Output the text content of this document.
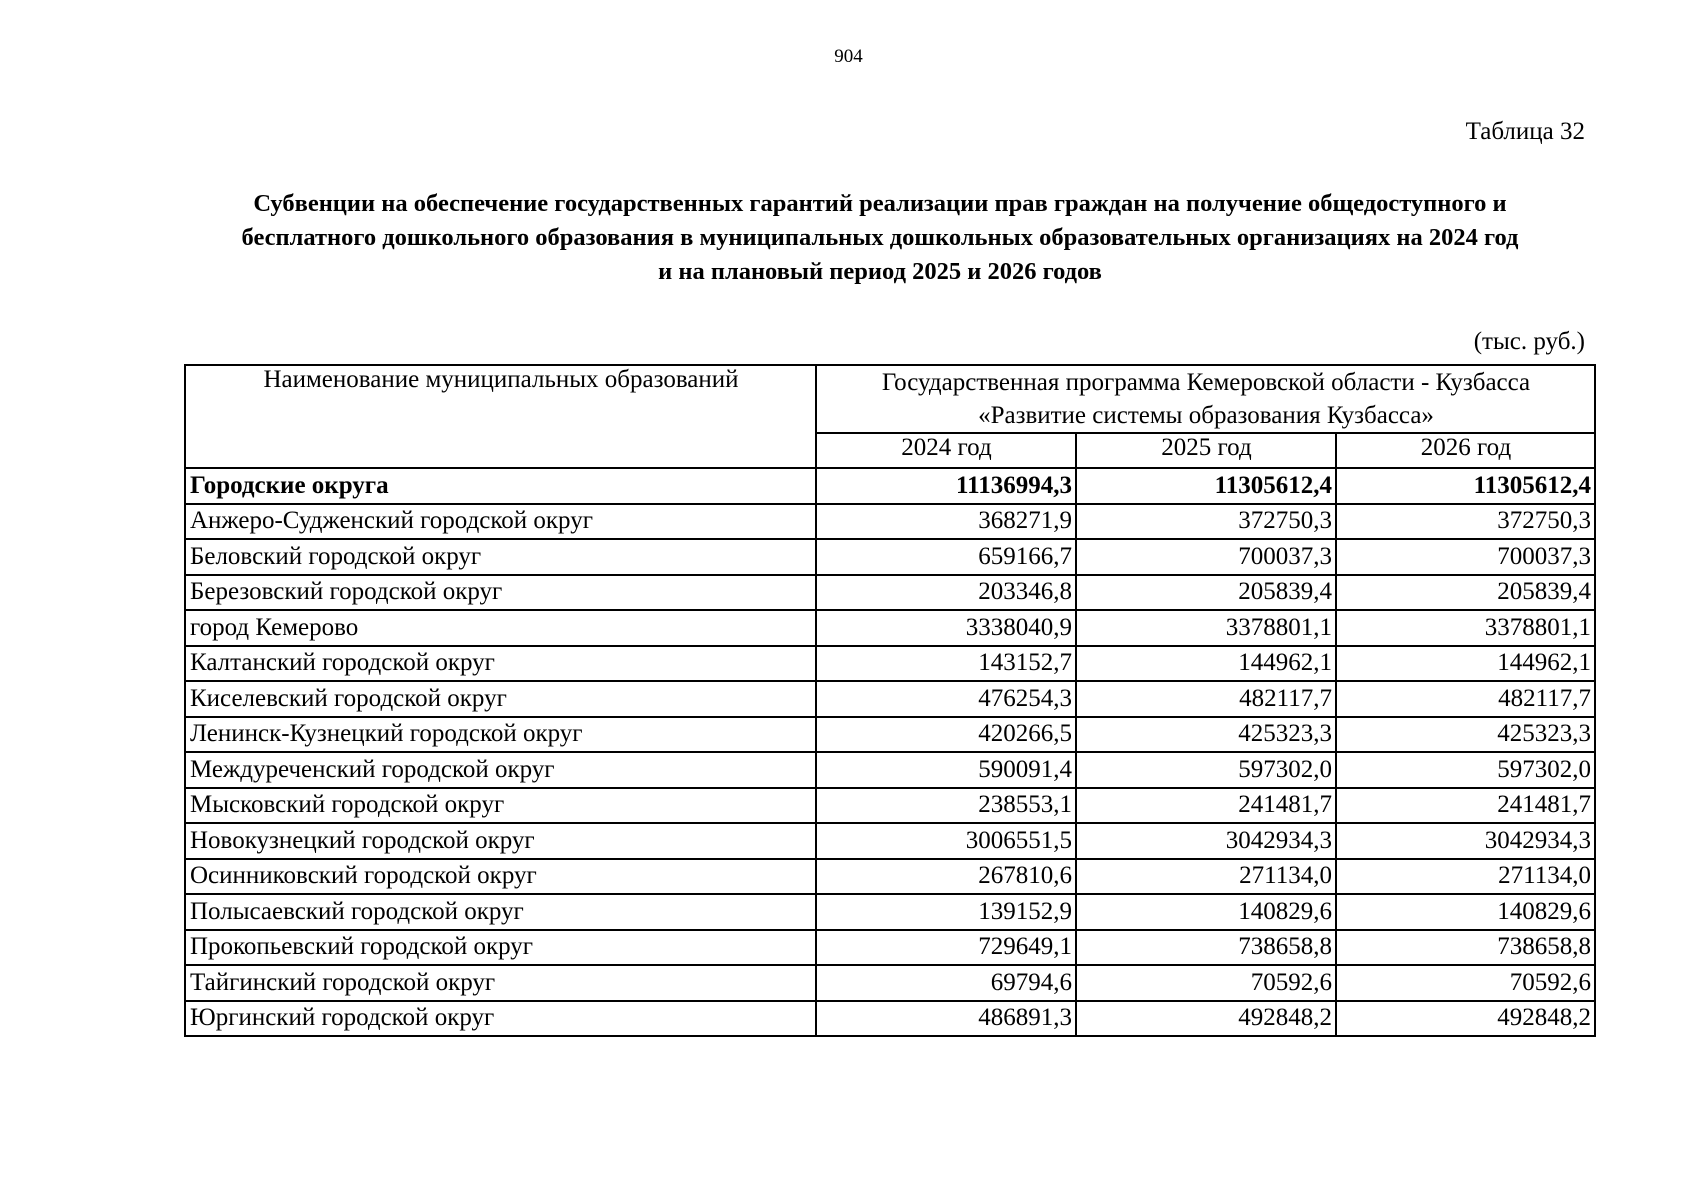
904
Таблица 32
Субвенции на обеспечение государственных гарантий реализации прав граждан на получение общедоступного и
бесплатного дошкольного образования в муниципальных дошкольных образовательных организациях на 2024 год
и на плановый период 2025 и 2026 годов
(тыс. руб.)
Наименование муниципальных образований	Государственная программа Кемеровской области - Кузбасса
«Развитие системы образования Кузбасса»		

	2024 год	2025 год	2026 год
Городские округа	11136994,3	11305612,4	11305612,4
Анжеро-Судженский городской округ	368271,9	372750,3	372750,3
Беловский городской округ	659166,7	700037,3	700037,3
Березовский городской округ	203346,8	205839,4	205839,4
город Кемерово	3338040,9	3378801,1	3378801,1
Калтанский городской округ	143152,7	144962,1	144962,1
Киселевский городской округ	476254,3	482117,7	482117,7
Ленинск-Кузнецкий городской округ	420266,5	425323,3	425323,3
Междуреченский городской округ	590091,4	597302,0	597302,0
Мысковский городской округ	238553,1	241481,7	241481,7
Новокузнецкий городской округ	3006551,5	3042934,3	3042934,3
Осинниковский городской округ	267810,6	271134,0	271134,0
Полысаевский городской округ	139152,9	140829,6	140829,6
Прокопьевский городской округ	729649,1	738658,8	738658,8
Тайгинский городской округ	69794,6	70592,6	70592,6
Юргинский городской округ	486891,3	492848,2	492848,2
